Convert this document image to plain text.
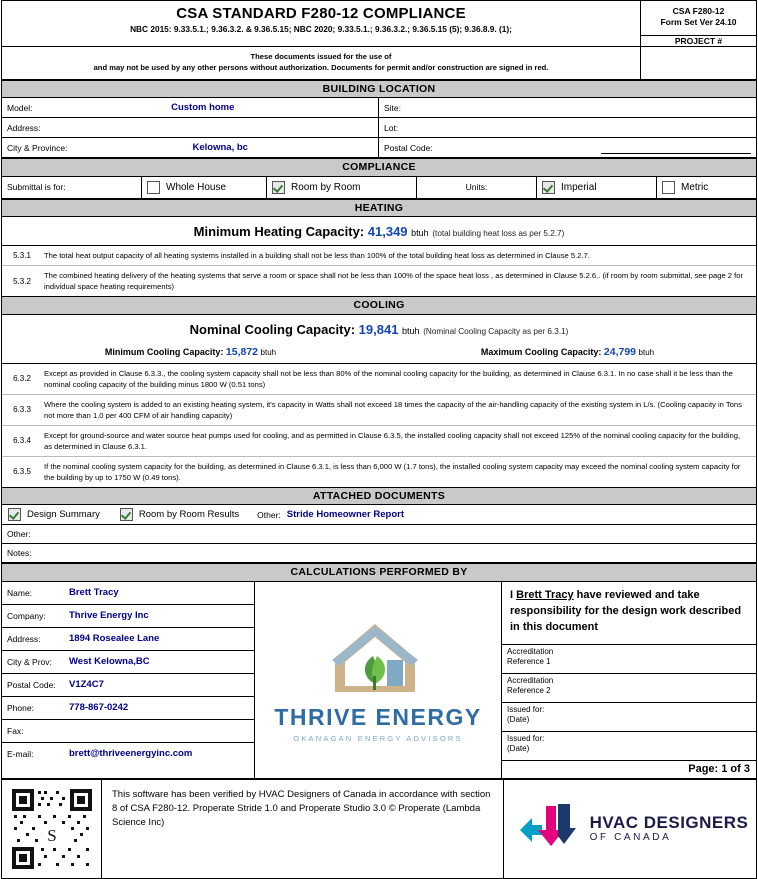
CSA STANDARD F280-12 COMPLIANCE
NBC 2015: 9.33.5.1.; 9.36.3.2. & 9.36.5.15; NBC 2020; 9.33.5.1.; 9.36.3.2.; 9.36.5.15 (5); 9.36.8.9. (1);
CSA F280-12
Form Set Ver 24.10
PROJECT #
These documents issued for the use of
and may not be used by any other persons without authorization. Documents for permit and/or construction are signed in red.
BUILDING LOCATION
Model:	Custom home	Site:
Address:	Lot:
City & Province:	Kelowna, bc	Postal Code:
COMPLIANCE
Submittal is for:	Whole House	Room by Room	Units:	Imperial	Metric
HEATING
Minimum Heating Capacity: 41,349 btuh (total building heat loss as per 5.2.7)
5.3.1	The total heat output capacity of all heating systems installed in a building shall not be less than 100% of the total building heat loss as determined in Clause 5.2.7.
5.3.2
The combined heating delivery of the heating systems that serve a room or space shall not be less than 100% of the space heat loss , as determined in Clause 5.2.6.. (if room by room submittal, see page 2 for individual space heating requirements)
COOLING
Nominal Cooling Capacity: 19,841 btuh (Nominal Cooling Capacity as per 6.3.1)
Minimum Cooling Capacity: 15,872 btuh	Maximum Cooling Capacity: 24,799 btuh
6.3.2
Except as provided in Clause 6.3.3., the cooling system capacity shall not be less than 80% of the nominal cooling capacity for the building, as determined in Clause 6.3.1. In no case shall it be less than the nominal cooling capacity of the building minus 1800 W (0.51 tons)
6.3.3
Where the cooling system is added to an existing heating system, it's capacity in Watts shall not exceed 18 times the capacity of the air-handling capacity of the existing system in L/s. (Cooling capacity in Tons not more than 1.0 per 400 CFM of air handling capacity)
6.3.4
Except for ground-source and water source heat pumps used for cooling, and as permitted in Clause 6.3.5, the installed cooling capacity shall not exceed 125% of the nominal cooling capacity for the building, as determined in Clause 6.3.1.
6.3.5
If the nominal cooling system capacity for the building, as determined in Clause 6.3.1, is less than 6,000 W (1.7 tons), the installed cooling system capacity may exceed the nominal cooling system capacity for the building by up to 1750 W (0.49 tons).
ATTACHED DOCUMENTS
Design Summary	Room by Room Results Other: Stride Homeowner Report
Other:
Notes:
CALCULATIONS PERFORMED BY
Name:	Brett Tracy
Company:	Thrive Energy Inc
Address:	1894 Rosealee Lane
City & Prov:	West Kelowna,BC
Postal Code:	V1Z4C7
Phone:	778-867-0242
Fax:
E-mail:	brett@thriveenergyinc.com
THRIVE ENERGY
OKANAGAN ENERGY ADVISORS
I Brett Tracy have reviewed and take responsibility for the design work described in this document
Accreditation
Reference 1
Accreditation
Reference 2
Issued for:
(Date)
Issued for:
(Date)
Page: 1 of 3
S
This software has been verified by HVAC Designers of Canada in accordance with section 8 of CSA F280-12. Properate Stride 1.0 and Properate Studio 3.0 © Properate (Lambda Science Inc)	HVAC DESIGNERS
OF CANADA
